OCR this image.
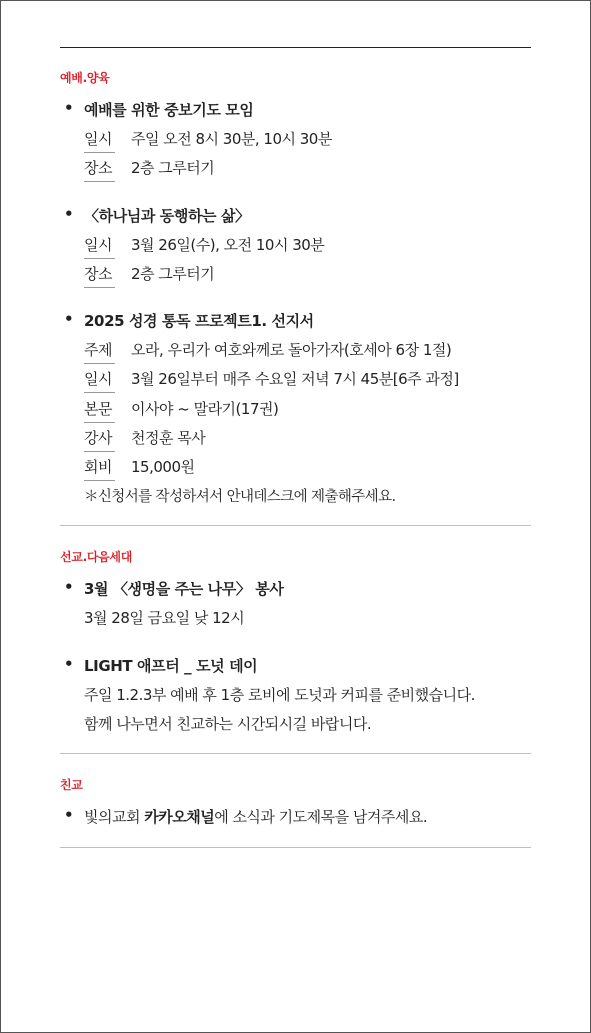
예배.양육
• 예배를 위한 중보기도 모임
일시 주일 오전 8시 30분, 10시 30분
장소 2층 그루터기
• 〈하나님과 동행하는 삶〉
일시 3월 26일(수), 오전 10시 30분
장소 2층 그루터기
• 2025 성경 통독 프로젝트1. 선지서
주제 오라, 우리가 여호와께로 돌아가자(호세아 6장 1절)
일시 3월 26일부터 매주 수요일 저녁 7시 45분[6주 과정]
본문 이사야 ~ 말라기(17권)
강사 천정훈 목사
회비 15,000원
＊신청서를 작성하셔서 안내데스크에 제출해주세요.
선교.다음세대
• 3월 〈생명을 주는 나무〉 봉사
3월 28일 금요일 낮 12시
• LIGHT 애프터 _ 도넛 데이
주일 1.2.3부 예배 후 1층 로비에 도넛과 커피를 준비했습니다.
함께 나누면서 친교하는 시간되시길 바랍니다.
친교
• 빛의교회 카카오채널에 소식과 기도제목을 남겨주세요.
